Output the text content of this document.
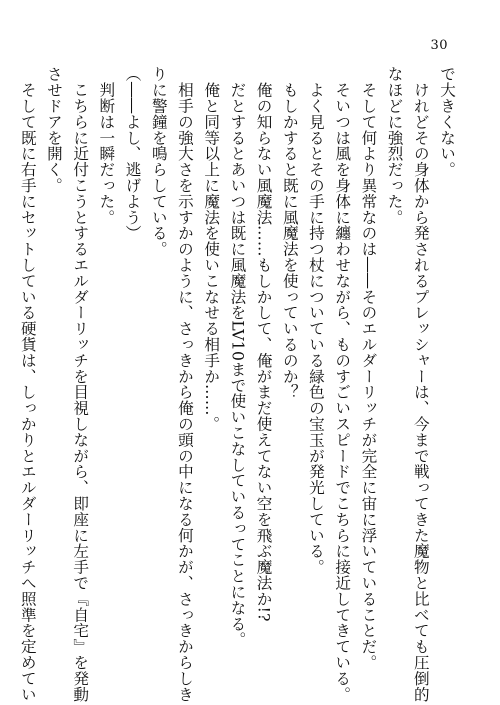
30
で大きくない。
　けれどその身体から発されるプレッシャーは、今まで戦ってきた魔物と比べても圧倒的
なほどに強烈だった。
　そして何より異常なのは――そのエルダーリッチが完全に宙に浮いていることだ。
　そいつは風を身体に纏わせながら、ものすごいスピードでこちらに接近してきている。
　よく見るとその手に持つ杖についている緑色の宝玉が発光している。
　もしかすると既に風魔法を使っているのか？
　俺の知らない風魔法……もしかして、俺がまだ使えてない空を飛ぶ魔法か!?
　だとするとあいつは既に風魔法をLV10まで使いこなしているってことになる。
　俺と同等以上に魔法を使いこなせる相手か……。
　相手の強大さを示すかのように、さっきから俺の頭の中になる何かが、さっきからしき
りに警鐘を鳴らしている。
（――よし、逃げよう）
　判断は一瞬だった。
　こちらに近付こうとするエルダーリッチを目視しながら、即座に左手で『自宅』を発動
させドアを開く。
　そして既に右手にセットしている硬貨は、しっかりとエルダーリッチへ照準を定めてい
